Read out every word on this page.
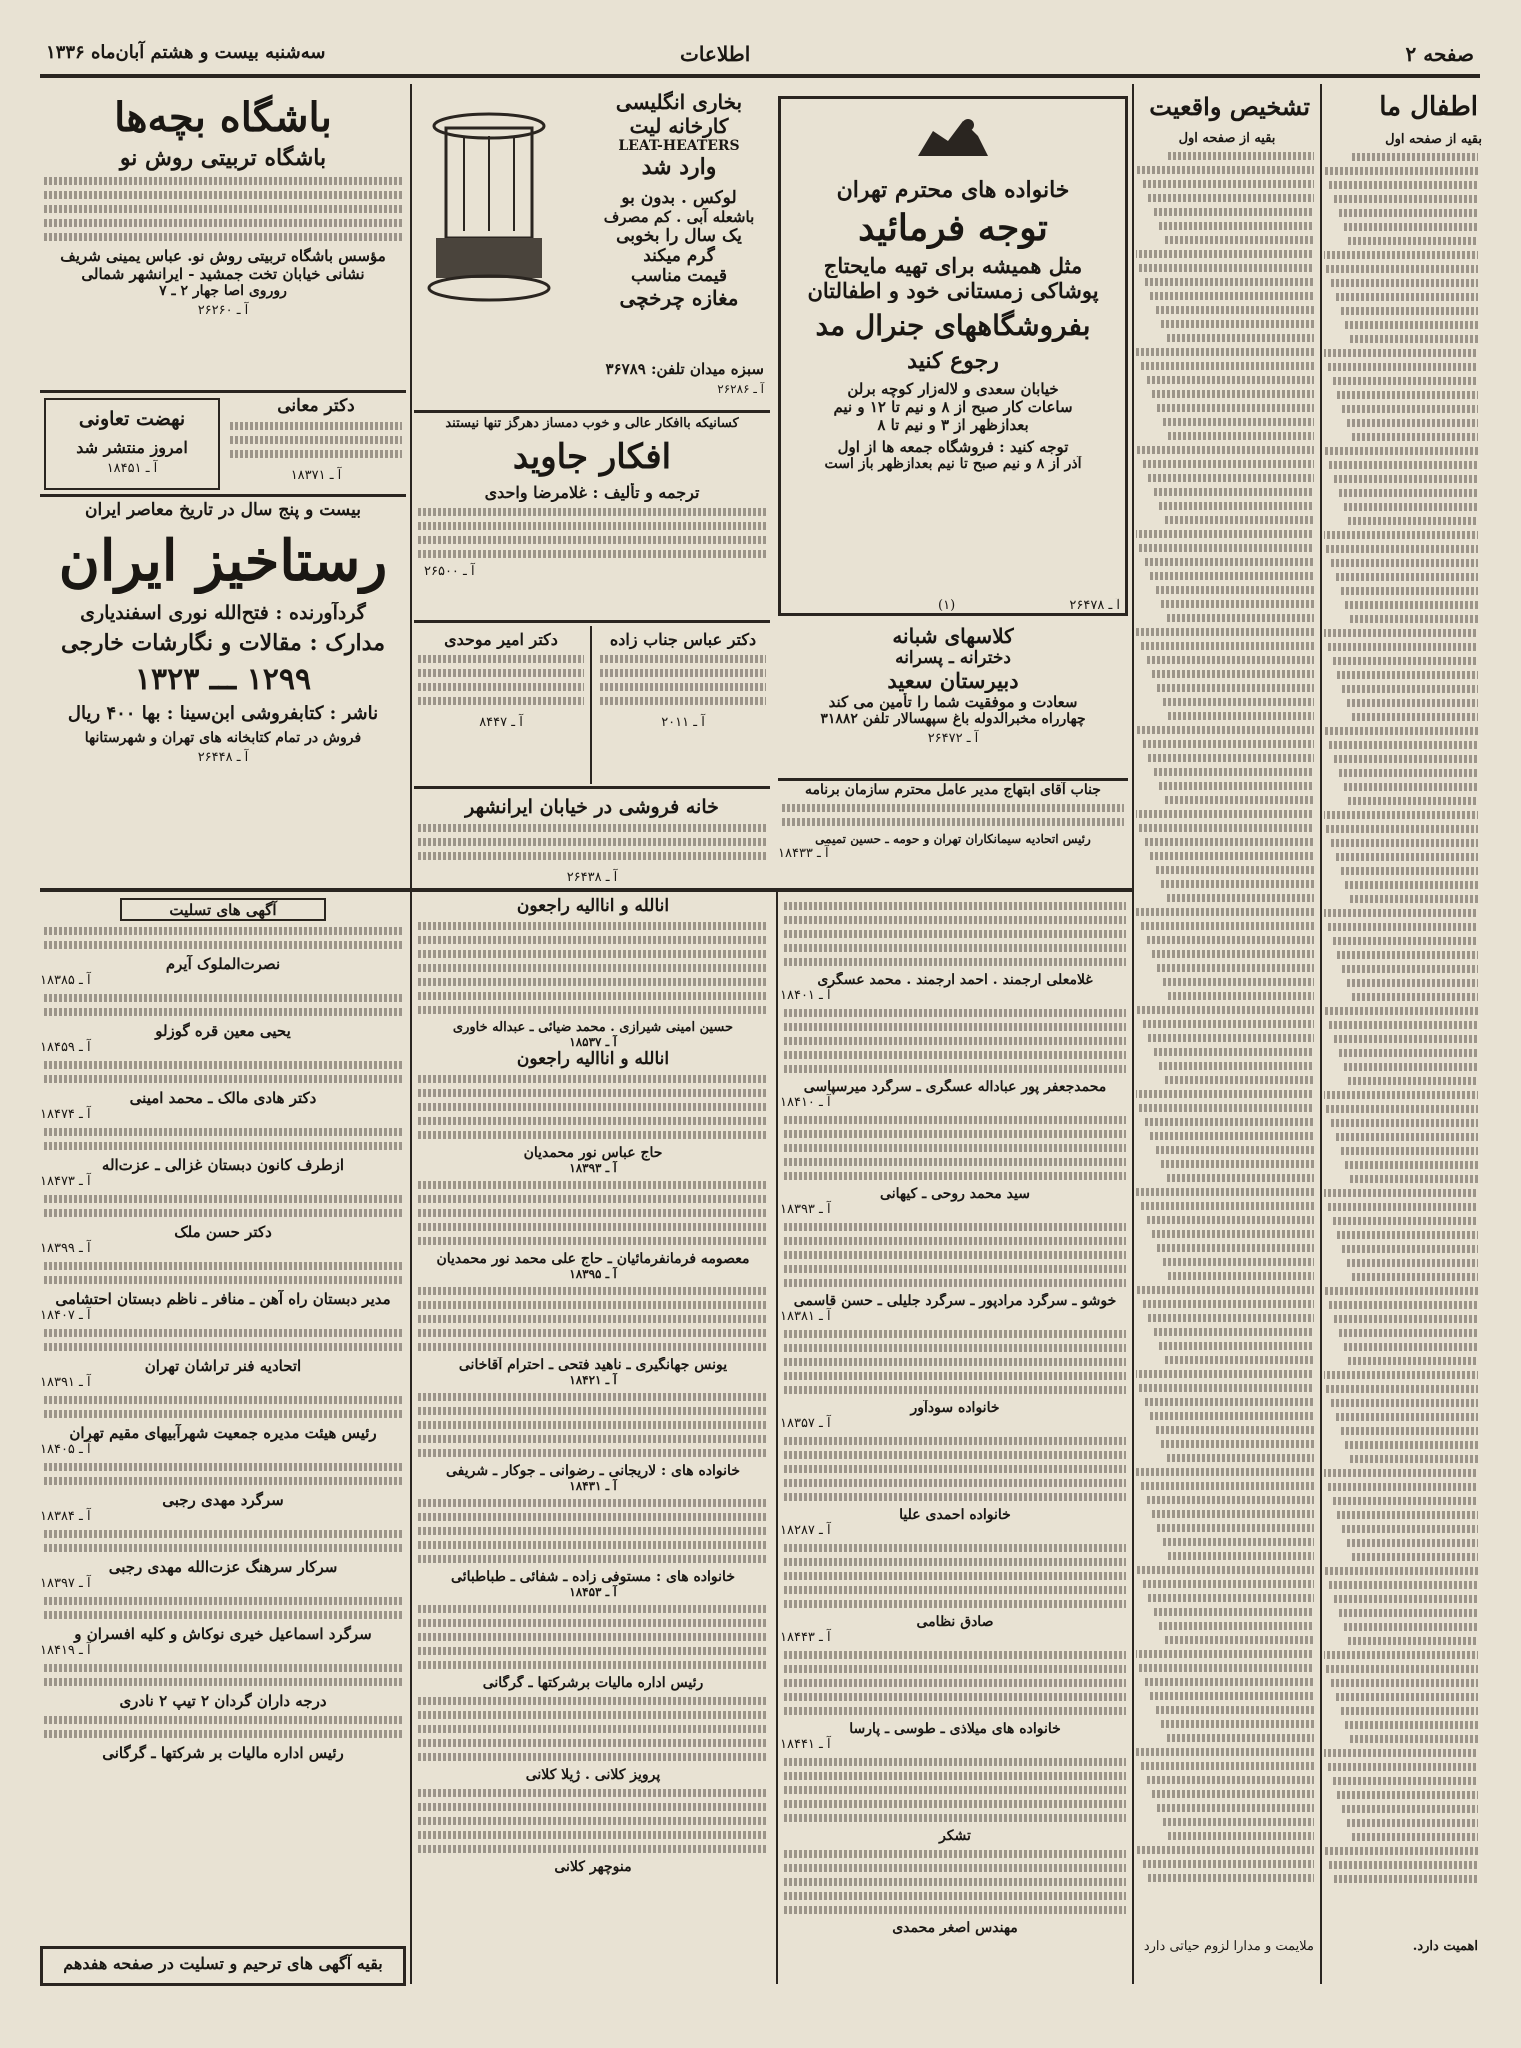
صفحه ۲
اطلاعات
سه‌شنبه بیست و هشتم آبان‌ماه ۱۳۳۶
اطفال ما
بقیه از صفحه اول
اهمیت دارد.
تشخیص واقعیت
بقیه از صفحه اول
ملایمت و مدارا لزوم حیاتی دارد
خانواده های محترم تهران
توجه فرمائید
مثل همیشه برای تهیه مایحتاج
پوشاکی زمستانی خود و اطفالتان
بفروشگاههای جنرال مد
رجوع کنید
خیابان سعدی و لاله‌زار کوچه برلن
ساعات کار صبح از ۸ و نیم تا ۱۲ و نیم
بعدازظهر از ۳ و نیم تا ۸
توجه کنید : فروشگاه جمعه ها از اول
آذر از ۸ و نیم صبح تا نیم بعدازظهر باز است
آ ـ ۲۶۴۷۸
(۱)
بخاری انگلیسی
کارخانه لیت
LEAT-HEATERS
وارد شد
لوکس . بدون بو
باشعله آبی . کم مصرف
یک سال را بخوبی
گرم میکند
قیمت مناسب
مغازه چرخچی
سبزه میدان تلفن: ۳۶۷۸۹
آ ـ ۲۶۲۸۶
کسانیکه باافکار عالی و خوب دمساز دهرگز تنها نیستند
افکار جاوید
ترجمه و تألیف : غلامرضا واحدی
آ ـ ۲۶۵۰۰
دکتر عباس جناب زاده
آ ـ ۲۰۱۱
دکتر امیر موحدی
آ ـ ۸۴۴۷
خانه فروشی در خیابان ایرانشهر
آ ـ ۲۶۴۳۸
کلاسهای شبانه
دخترانه ـ پسرانه
دبیرستان سعید
سعادت و موفقیت شما را تأمین می کند
چهارراه مخبرالدوله باغ سپهسالار تلفن ۳۱۸۸۲
آ ـ ۲۶۴۷۲
جناب آقای ابتهاج مدیر عامل محترم سازمان برنامه
رئیس اتحادیه سیمانکاران تهران و حومه ـ حسین تمیمی
آ ـ ۱۸۴۳۳
باشگاه بچه‌ها
باشگاه تربیتی روش نو
مؤسس باشگاه تربیتی روش نو. عباس یمینی شریف
نشانی خیابان تخت جمشید - ایرانشهر شمالی
روروی اصا جهار ۲ ـ ۷
آ ـ ۲۶۲۶۰
دکتر معانی
آ ـ ۱۸۳۷۱
نهضت تعاونی
امروز منتشر شد
آ ـ ۱۸۴۵۱
بیست و پنج سال در تاریخ معاصر ایران
رستاخیز ایران
گردآورنده : فتح‌الله نوری اسفندیاری
مدارک : مقالات و نگارشات خارجی
۱۲۹۹ ـــ ۱۳۲۳
ناشر : کتابفروشی ابن‌سینا : بها ۴۰۰ ریال
فروش در تمام کتابخانه های تهران و شهرستانها
آ ـ ۲۶۴۴۸
آگهی های تسلیت
نصرت‌الملوک آیرم
آ ـ ۱۸۳۸۵
یحیی معین قره گوزلو
آ ـ ۱۸۴۵۹
دکتر هادی مالک ـ محمد امینی
آ ـ ۱۸۴۷۴
ازطرف کانون دبستان غزالی ـ عزت‌اله
آ ـ ۱۸۴۷۳
دکتر حسن ملک
آ ـ ۱۸۳۹۹
مدیر دبستان راه آهن ـ منافر ـ ناظم دبستان احتشامی
آ ـ ۱۸۴۰۷
اتحادیه فنر تراشان تهران
آ ـ ۱۸۳۹۱
رئیس هیئت مدیره جمعیت شهرآبیهای مقیم تهران
آ ـ ۱۸۴۰۵
سرگرد مهدی رجبی
آ ـ ۱۸۳۸۴
سرکار سرهنگ عزت‌الله مهدی رجبی
آ ـ ۱۸۳۹۷
سرگرد اسماعیل خیری نوکاش و کلیه افسران و
آ ـ ۱۸۴۱۹
درجه داران گردان ۲ تیپ ۲ نادری
رئیس اداره مالیات بر شرکتها ـ گرگانی
بقیه آگهی های ترحیم و تسلیت در صفحه هفدهم
انالله و اناالیه راجعون
حسین امینی شیرازی . محمد ضیائی ـ عبداله خاوری
آ ـ ۱۸۵۳۷
انالله و اناالیه راجعون
حاج عباس نور محمدیان
آ ـ ۱۸۳۹۳
معصومه فرمانفرمائیان ـ حاج علی محمد نور محمدیان
آ ـ ۱۸۳۹۵
یونس جهانگیری ـ ناهید فتحی ـ احترام آقاخانی
آ ـ ۱۸۴۲۱
خانواده های : لاریجانی ـ رضوانی ـ جوکار ـ شریفی
آ ـ ۱۸۴۳۱
خانواده های : مستوفی زاده ـ شفائی ـ طباطبائی
آ ـ ۱۸۴۵۳
رئیس اداره مالیات برشرکتها ـ گرگانی
پرویز کلانی . ژیلا کلانی
منوچهر کلانی
غلامعلی ارجمند . احمد ارجمند . محمد عسگری
آ ـ ۱۸۴۰۱
محمدجعفر پور عباداله عسگری ـ سرگرد میرسپاسی
آ ـ ۱۸۴۱۰
سید محمد روحی ـ کیهانی
آ ـ ۱۸۳۹۳
خوشو ـ سرگرد مرادپور ـ سرگرد جلیلی ـ حسن قاسمی
آ ـ ۱۸۳۸۱
خانواده سودآور
آ ـ ۱۸۳۵۷
خانواده احمدی علیا
آ ـ ۱۸۲۸۷
صادق نظامی
آ ـ ۱۸۴۴۳
خانواده های میلاذی ـ طوسی ـ پارسا
آ ـ ۱۸۴۴۱
تشکر
مهندس اصغر محمدی
